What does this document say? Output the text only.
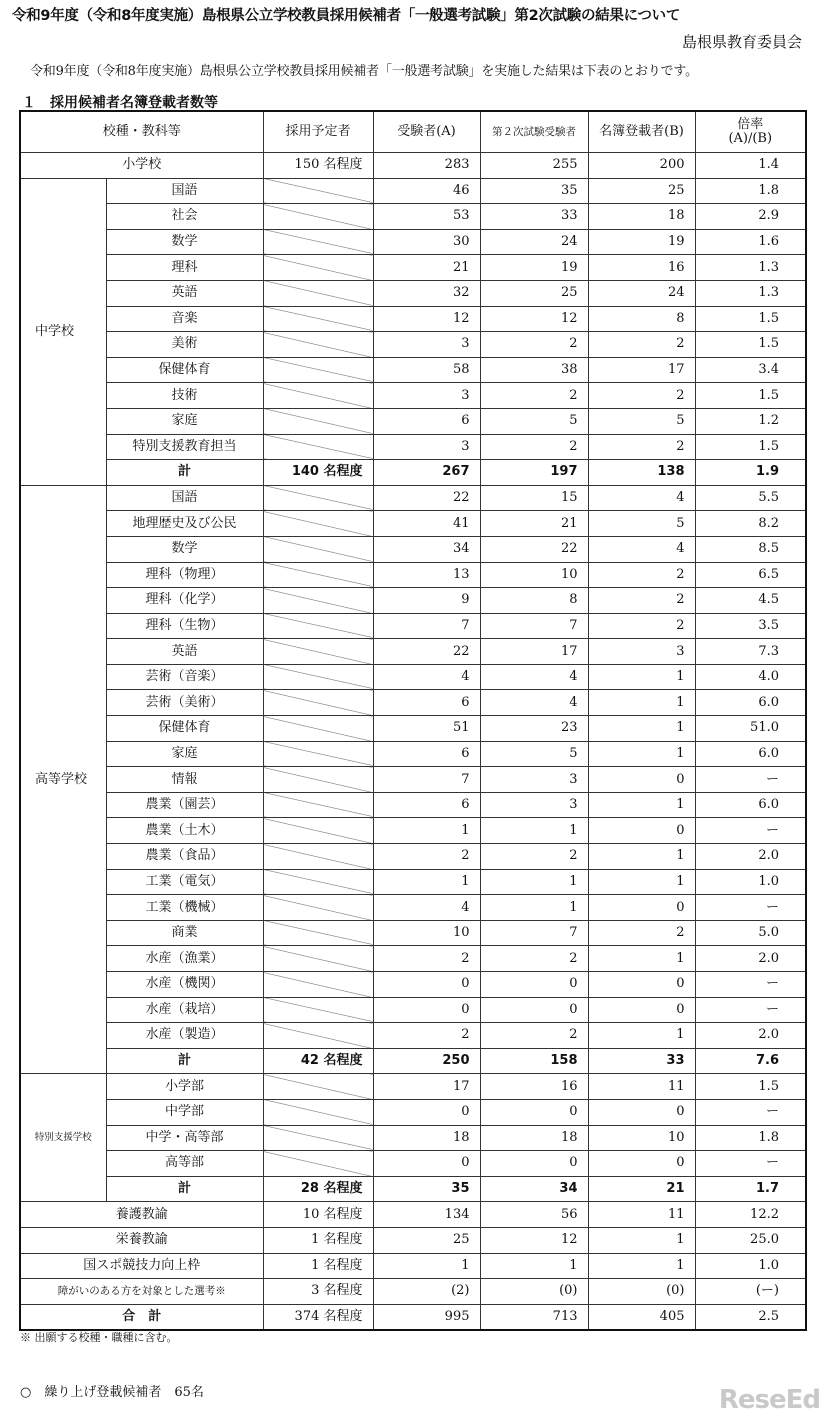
令和9年度（令和8年度実施）島根県公立学校教員採用候補者「一般選考試験」第2次試験の結果について
島根県教育委員会
令和9年度（令和8年度実施）島根県公立学校教員採用候補者「一般選考試験」を実施した結果は下表のとおりです。
１　採用候補者名簿登載者数等
校種・教科等		採用予定者	受験者(A)	第２次試験受験者	名簿登載者(B)	倍率
(A)/(B)

小学校		150 名程度	283	255	200	1.4
中学校	国語		46	35	25	1.8
	社会		53	33	18	2.9
	数学		30	24	19	1.6
	理科		21	19	16	1.3
	英語		32	25	24	1.3
	音楽		12	12	8	1.5
	美術		3	2	2	1.5
	保健体育		58	38	17	3.4
	技術		3	2	2	1.5
	家庭		6	5	5	1.2
	特別支援教育担当		3	2	2	1.5
	計	140 名程度	267	197	138	1.9
高等学校	国語		22	15	4	5.5
	地理歴史及び公民		41	21	5	8.2
	数学		34	22	4	8.5
	理科（物理）		13	10	2	6.5
	理科（化学）		9	8	2	4.5
	理科（生物）		7	7	2	3.5
	英語		22	17	3	7.3
	芸術（音楽）		4	4	1	4.0
	芸術（美術）		6	4	1	6.0
	保健体育		51	23	1	51.0
	家庭		6	5	1	6.0
	情報		7	3	0	ー
	農業（園芸）		6	3	1	6.0
	農業（土木）		1	1	0	ー
	農業（食品）		2	2	1	2.0
	工業（電気）		1	1	1	1.0
	工業（機械）		4	1	0	ー
	商業		10	7	2	5.0
	水産（漁業）		2	2	1	2.0
	水産（機関）		0	0	0	ー
	水産（栽培）		0	0	0	ー
	水産（製造）		2	2	1	2.0
	計	42 名程度	250	158	33	7.6
特別支援学校	小学部		17	16	11	1.5
	中学部		0	0	0	ー
	中学・高等部		18	18	10	1.8
	高等部		0	0	0	ー
	計	28 名程度	35	34	21	1.7
養護教諭		10 名程度	134	56	11	12.2
栄養教諭		1 名程度	25	12	1	25.0
国スポ競技力向上枠		1 名程度	1	1	1	1.0
障がいのある方を対象とした選考※		3 名程度	(2)	(0)	(0)	(ー)
合　計		374 名程度	995	713	405	2.5
※ 出願する校種・職種に含む。
○　繰り上げ登載候補者　65名	ReseEd
